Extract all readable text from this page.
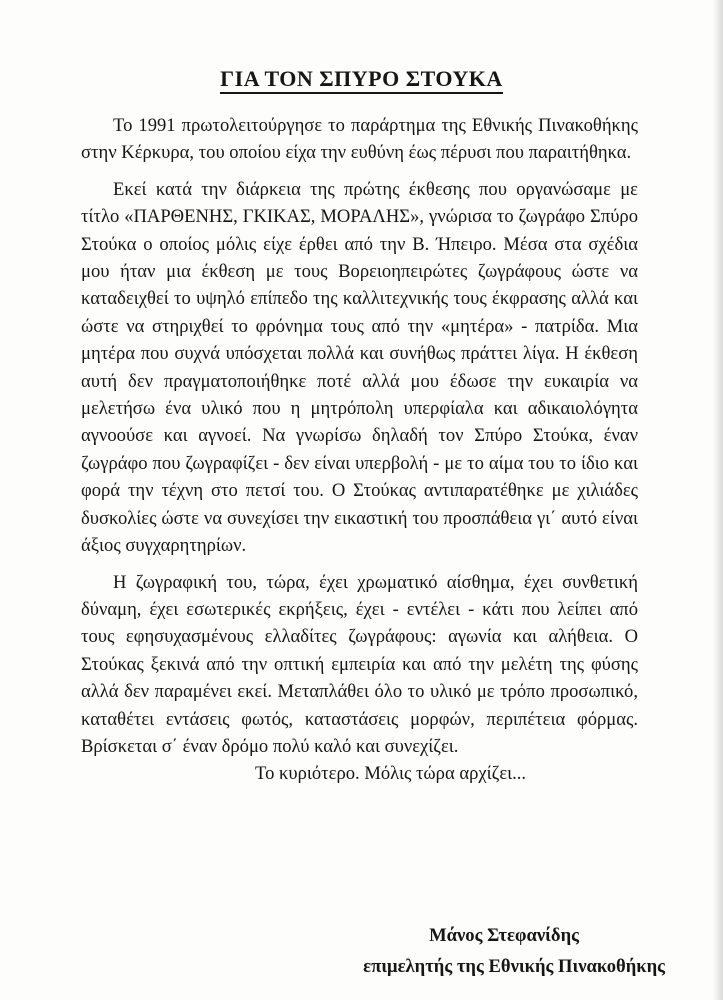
ΓΙΑ ΤΟΝ ΣΠΥΡΟ ΣΤΟΥΚΑ

Το 1991 πρωτολειτούργησε το παράρτημα της Εθνικής Πινακοθήκης στην Κέρκυρα, του οποίου είχα την ευθύνη έως πέρυσι που παραιτήθηκα.

Εκεί κατά την διάρκεια της πρώτης έκθεσης που οργανώσαμε με τίτλο «ΠΑΡΘΕΝΗΣ, ΓΚΙΚΑΣ, ΜΟΡΑΛΗΣ», γνώρισα το ζωγράφο Σπύρο Στούκα ο οποίος μόλις είχε έρθει από την Β. Ήπειρο. Μέσα στα σχέδια μου ήταν μια έκθεση με τους Βορειοηπειρώτες ζωγράφους ώστε να καταδειχθεί το υψηλό επίπεδο της καλλιτεχνικής τους έκφρασης αλλά και ώστε να στηριχθεί το φρόνημα τους από την «μητέρα» - πατρίδα. Μια μητέρα που συχνά υπόσχεται πολλά και συνήθως πράττει λίγα. Η έκθεση αυτή δεν πραγματοποιήθηκε ποτέ αλλά μου έδωσε την ευκαιρία να μελετήσω ένα υλικό που η μητρόπολη υπερφίαλα και αδικαιολόγητα αγνοούσε και αγνοεί. Να γνωρίσω δηλαδή τον Σπύρο Στούκα, έναν ζωγράφο που ζωγραφίζει - δεν είναι υπερβολή - με το αίμα του το ίδιο και φορά την τέχνη στο πετσί του. Ο Στούκας αντιπαρατέθηκε με χιλιάδες δυσκολίες ώστε να συνεχίσει την εικαστική του προσπάθεια γι΄ αυτό είναι άξιος συγχαρητηρίων.

Η ζωγραφική του, τώρα, έχει χρωματικό αίσθημα, έχει συνθετική δύναμη, έχει εσωτερικές εκρήξεις, έχει - εντέλει - κάτι που λείπει από τους εφησυχασμένους ελλαδίτες ζωγράφους: αγωνία και αλήθεια. Ο Στούκας ξεκινά από την οπτική εμπειρία και από την μελέτη της φύσης αλλά δεν παραμένει εκεί. Μεταπλάθει όλο το υλικό με τρόπο προσωπικό, καταθέτει εντάσεις φωτός, καταστάσεις μορφών, περιπέτεια φόρμας. Βρίσκεται σ΄ έναν δρόμο πολύ καλό και συνεχίζει.

Το κυριότερο. Μόλις τώρα αρχίζει...

Μάνος Στεφανίδης
επιμελητής της Εθνικής Πινακοθήκης
